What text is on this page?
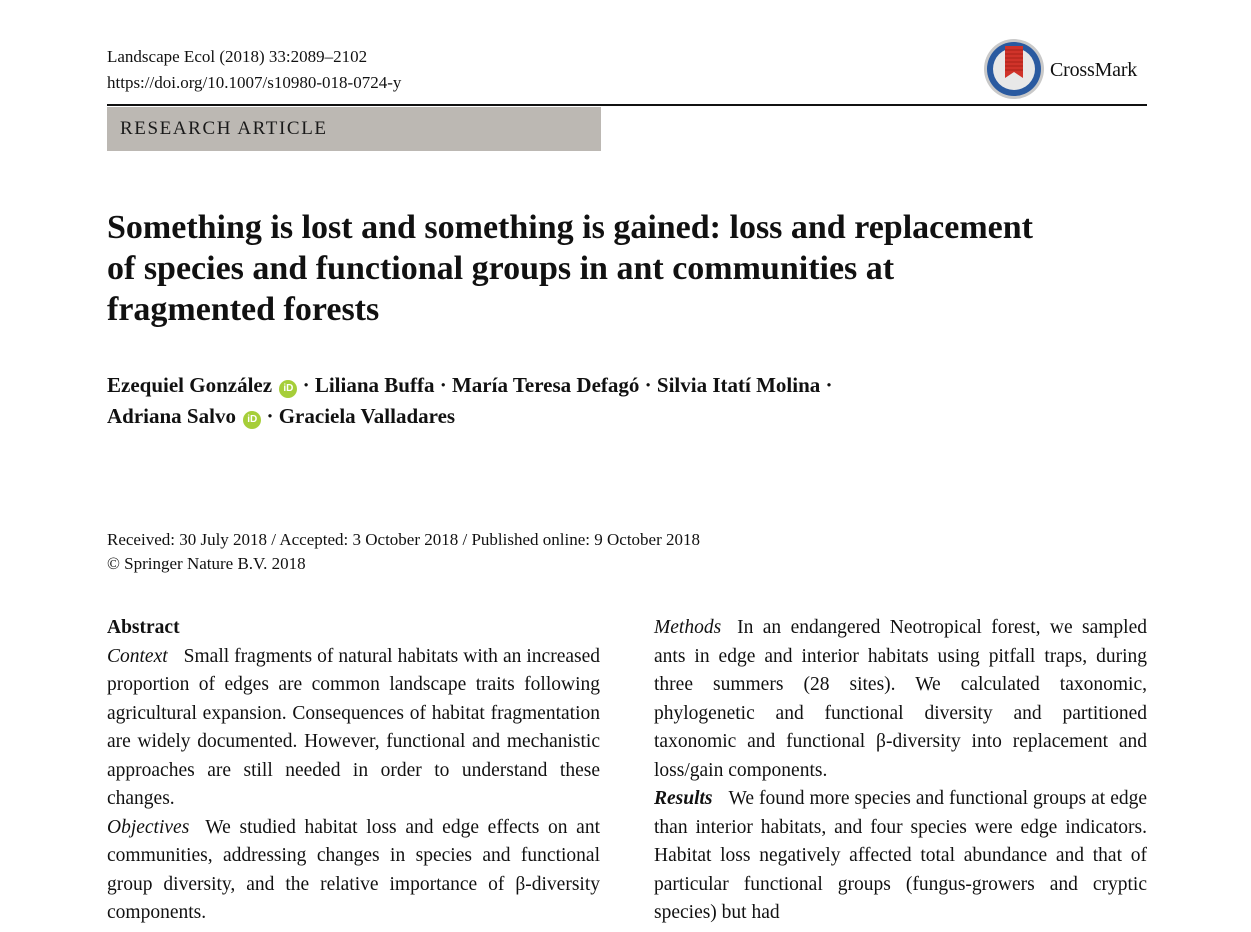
Landscape Ecol (2018) 33:2089–2102
https://doi.org/10.1007/s10980-018-0724-y
CrossMark
RESEARCH ARTICLE
Something is lost and something is gained: loss and replacement of species and functional groups in ant communities at fragmented forests
Ezequiel González iD · Liliana Buffa · María Teresa Defagó · Silvia Itatí Molina ·
Adriana Salvo iD · Graciela Valladares
Received: 30 July 2018 / Accepted: 3 October 2018 / Published online: 9 October 2018
© Springer Nature B.V. 2018
Abstract

Context Small fragments of natural habitats with an increased proportion of edges are common landscape traits following agricultural expansion. Consequences of habitat fragmentation are widely documented. However, functional and mechanistic approaches are still needed in order to understand these changes.

Objectives We studied habitat loss and edge effects on ant communities, addressing changes in species and functional group diversity, and the relative importance of β-diversity components.

Methods In an endangered Neotropical forest, we sampled ants in edge and interior habitats using pitfall traps, during three summers (28 sites). We calculated taxonomic, phylogenetic and functional diversity and partitioned taxonomic and functional β-diversity into replacement and loss/gain components.

Results We found more species and functional groups at edge than interior habitats, and four species were edge indicators. Habitat loss negatively affected total abundance and that of particular functional groups (fungus-growers and cryptic species) but had
